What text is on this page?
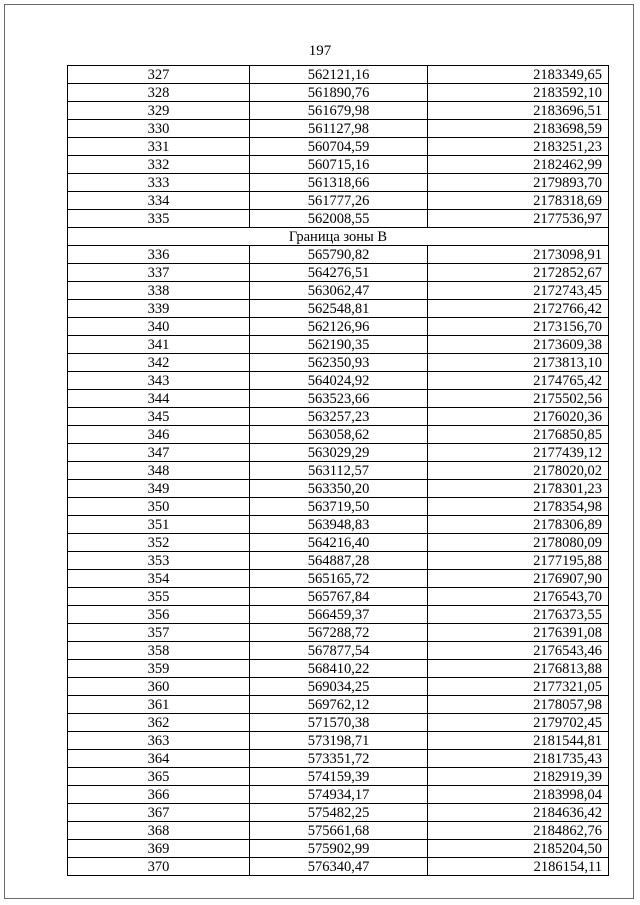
197
327	562121,16	2183349,65
328	561890,76	2183592,10
329	561679,98	2183696,51
330	561127,98	2183698,59
331	560704,59	2183251,23
332	560715,16	2182462,99
333	561318,66	2179893,70
334	561777,26	2178318,69
335	562008,55	2177536,97
Граница зоны В		
336	565790,82	2173098,91
337	564276,51	2172852,67
338	563062,47	2172743,45
339	562548,81	2172766,42
340	562126,96	2173156,70
341	562190,35	2173609,38
342	562350,93	2173813,10
343	564024,92	2174765,42
344	563523,66	2175502,56
345	563257,23	2176020,36
346	563058,62	2176850,85
347	563029,29	2177439,12
348	563112,57	2178020,02
349	563350,20	2178301,23
350	563719,50	2178354,98
351	563948,83	2178306,89
352	564216,40	2178080,09
353	564887,28	2177195,88
354	565165,72	2176907,90
355	565767,84	2176543,70
356	566459,37	2176373,55
357	567288,72	2176391,08
358	567877,54	2176543,46
359	568410,22	2176813,88
360	569034,25	2177321,05
361	569762,12	2178057,98
362	571570,38	2179702,45
363	573198,71	2181544,81
364	573351,72	2181735,43
365	574159,39	2182919,39
366	574934,17	2183998,04
367	575482,25	2184636,42
368	575661,68	2184862,76
369	575902,99	2185204,50
370	576340,47	2186154,11
